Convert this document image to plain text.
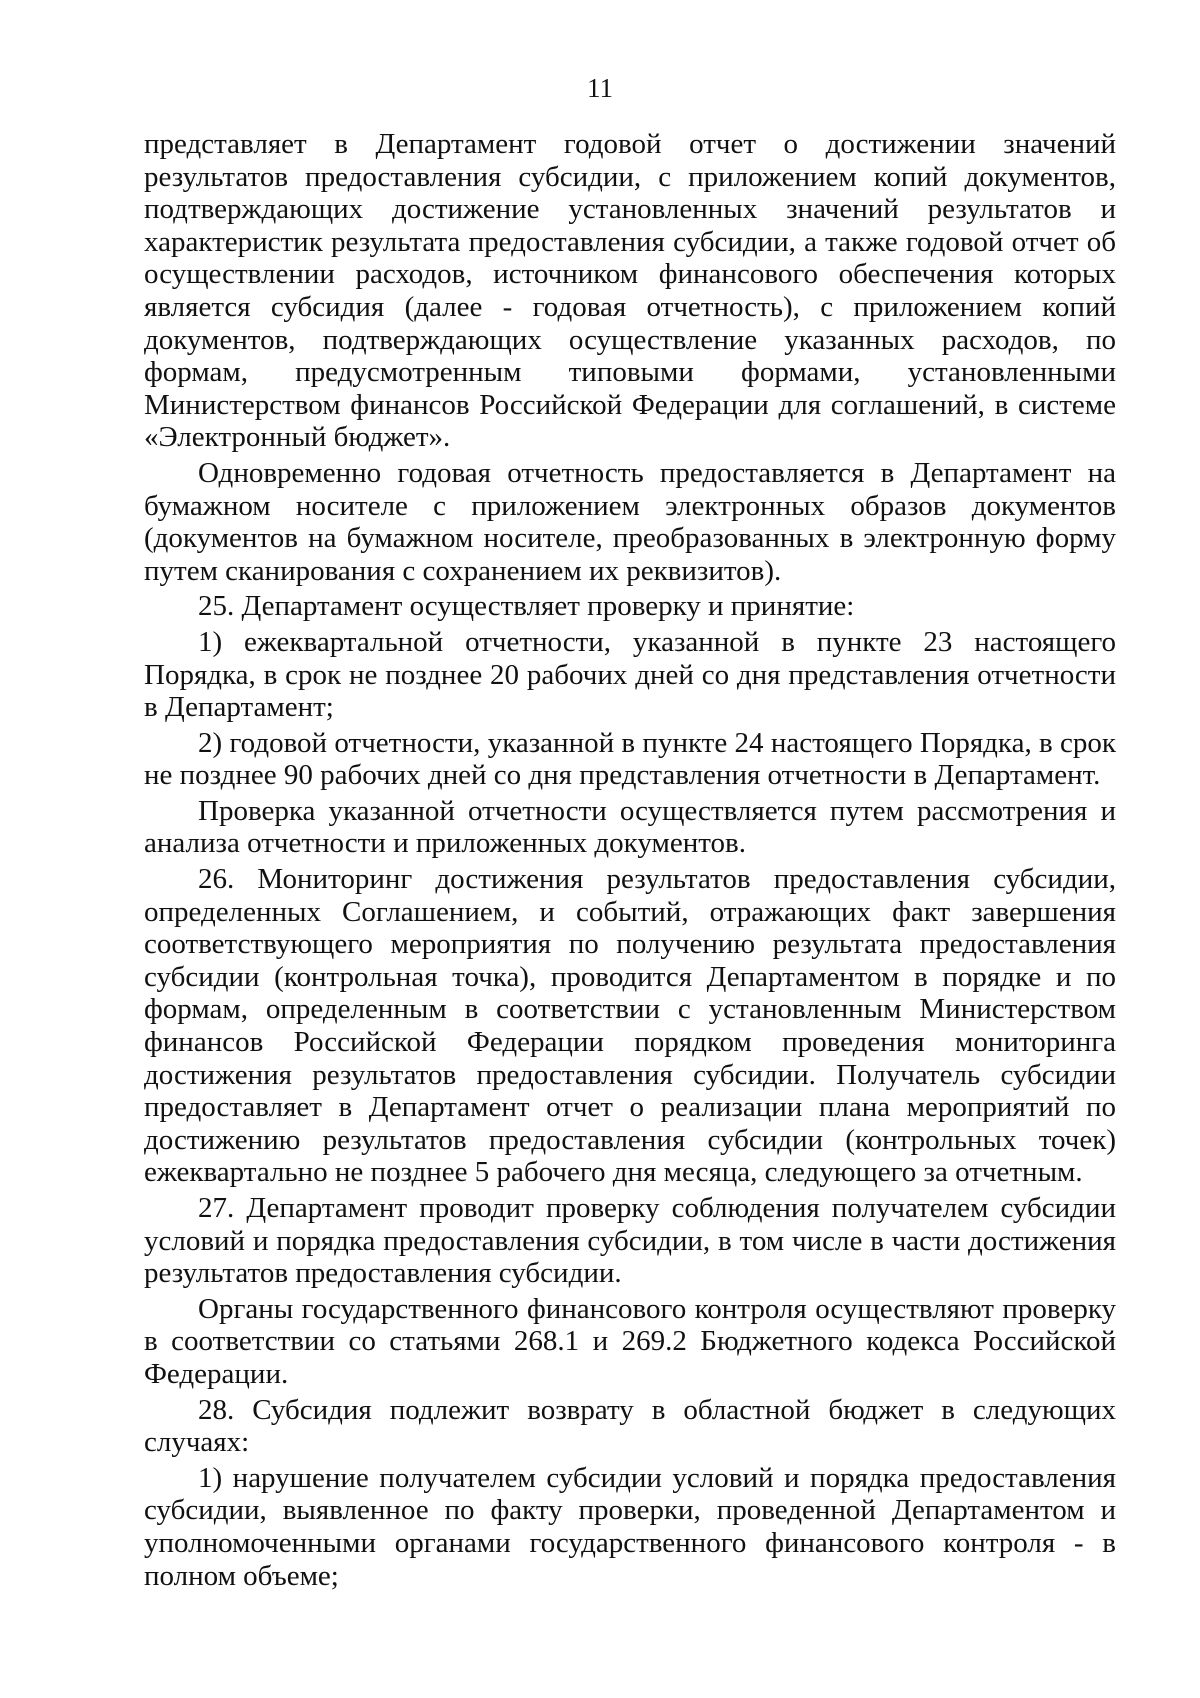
11

представляет в Департамент годовой отчет о достижении значений результатов предоставления субсидии, с приложением копий документов, подтверждающих достижение установленных значений результатов и характеристик результата предоставления субсидии, а также годовой отчет об осуществлении расходов, источником финансового обеспечения которых является субсидия (далее - годовая отчетность), с приложением копий документов, подтверждающих осуществление указанных расходов, по формам, предусмотренным типовыми формами, установленными Министерством финансов Российской Федерации для соглашений, в системе «Электронный бюджет».

Одновременно годовая отчетность предоставляется в Департамент на бумажном носителе с приложением электронных образов документов (документов на бумажном носителе, преобразованных в электронную форму путем сканирования с сохранением их реквизитов).

25. Департамент осуществляет проверку и принятие:

1) ежеквартальной отчетности, указанной в пункте 23 настоящего Порядка, в срок не позднее 20 рабочих дней со дня представления отчетности в Департамент;

2) годовой отчетности, указанной в пункте 24 настоящего Порядка, в срок не позднее 90 рабочих дней со дня представления отчетности в Департамент.

Проверка указанной отчетности осуществляется путем рассмотрения и анализа отчетности и приложенных документов.

26. Мониторинг достижения результатов предоставления субсидии, определенных Соглашением, и событий, отражающих факт завершения соответствующего мероприятия по получению результата предоставления субсидии (контрольная точка), проводится Департаментом в порядке и по формам, определенным в соответствии с установленным Министерством финансов Российской Федерации порядком проведения мониторинга достижения результатов предоставления субсидии. Получатель субсидии предоставляет в Департамент отчет о реализации плана мероприятий по достижению результатов предоставления субсидии (контрольных точек) ежеквартально не позднее 5 рабочего дня месяца, следующего за отчетным.

27. Департамент проводит проверку соблюдения получателем субсидии условий и порядка предоставления субсидии, в том числе в части достижения результатов предоставления субсидии.

Органы государственного финансового контроля осуществляют проверку в соответствии со статьями 268.1 и 269.2 Бюджетного кодекса Российской Федерации.

28. Субсидия подлежит возврату в областной бюджет в следующих случаях:

1) нарушение получателем субсидии условий и порядка предоставления субсидии, выявленное по факту проверки, проведенной Департаментом и уполномоченными органами государственного финансового контроля - в полном объеме;
